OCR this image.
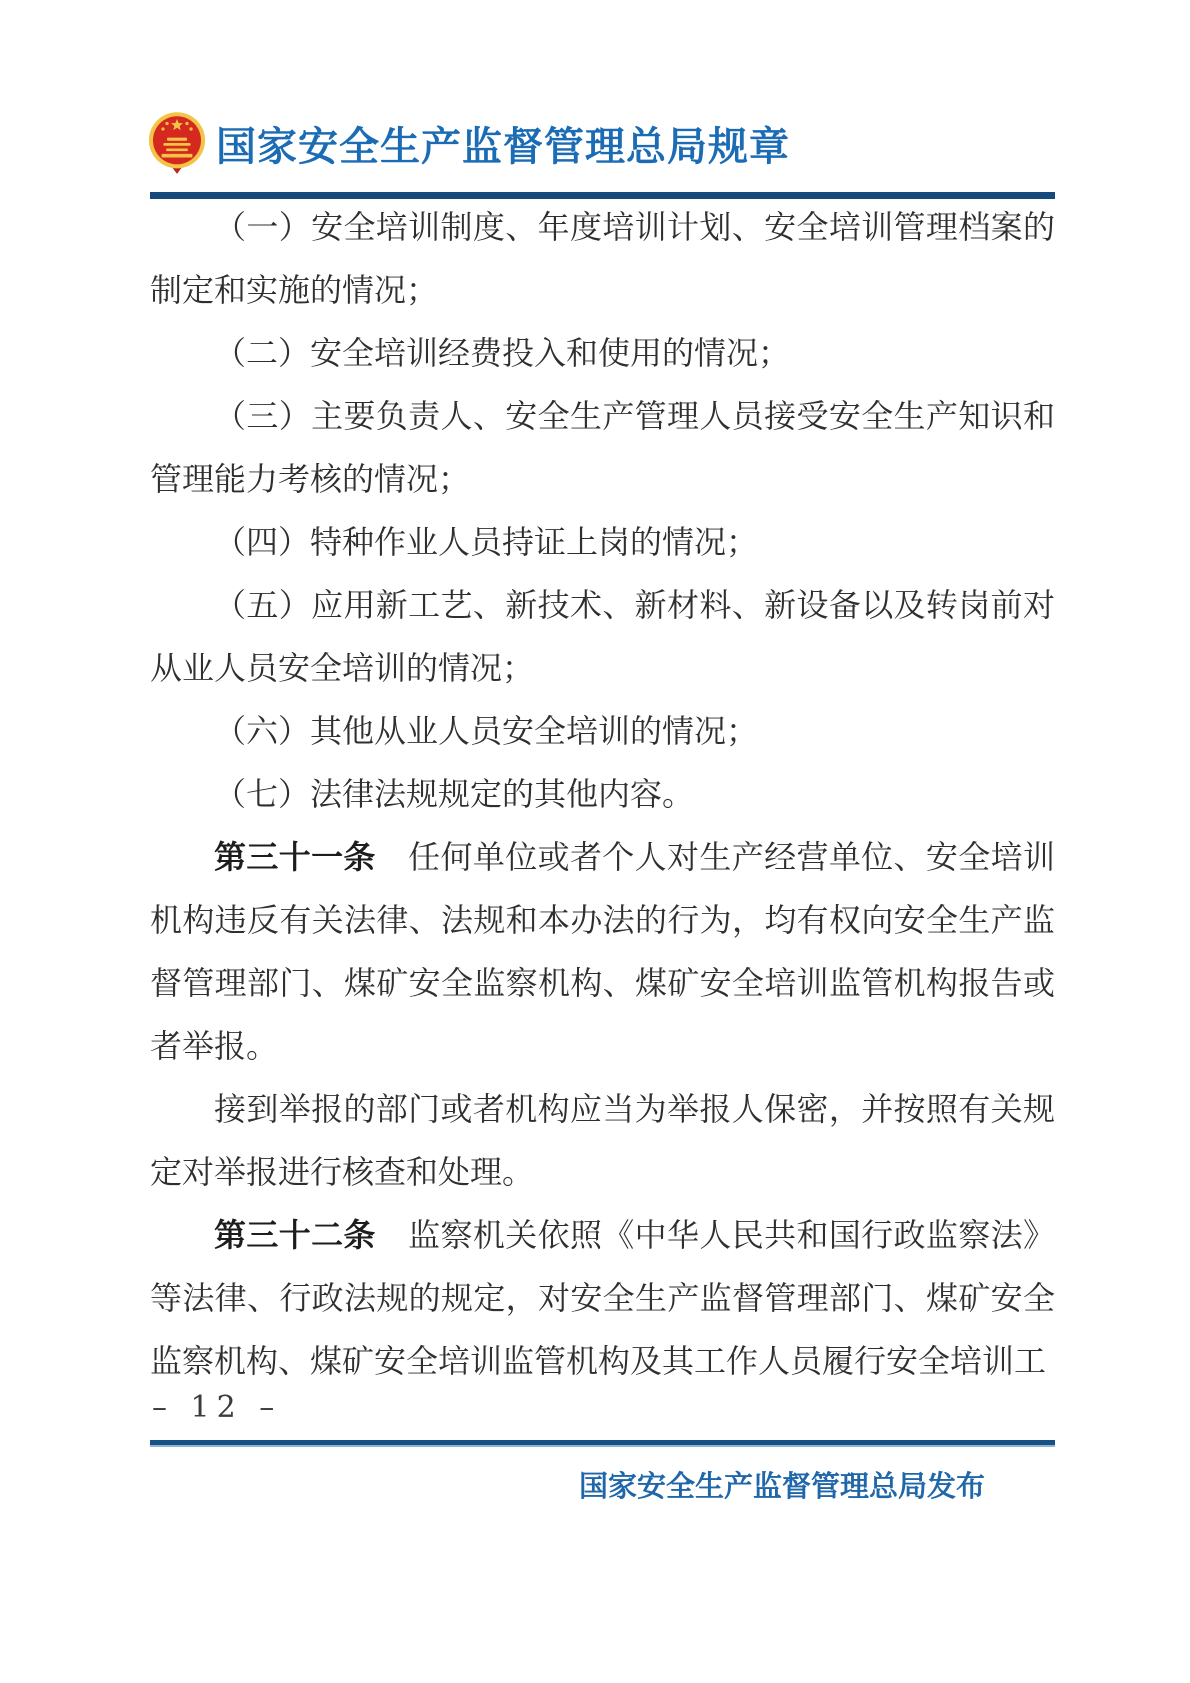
国家安全生产监督管理总局规章

（一）安全培训制度、年度培训计划、安全培训管理档案的制定和实施的情况；

（二）安全培训经费投入和使用的情况；

（三）主要负责人、安全生产管理人员接受安全生产知识和管理能力考核的情况；

（四）特种作业人员持证上岗的情况；

（五）应用新工艺、新技术、新材料、新设备以及转岗前对从业人员安全培训的情况；

（六）其他从业人员安全培训的情况；

（七）法律法规规定的其他内容。

第三十一条　任何单位或者个人对生产经营单位、安全培训机构违反有关法律、法规和本办法的行为，均有权向安全生产监督管理部门、煤矿安全监察机构、煤矿安全培训监管机构报告或者举报。

接到举报的部门或者机构应当为举报人保密，并按照有关规定对举报进行核查和处理。

第三十二条　监察机关依照《中华人民共和国行政监察法》等法律、行政法规的规定，对安全生产监督管理部门、煤矿安全监察机构、煤矿安全培训监管机构及其工作人员履行安全培训工

– 12 –
国家安全生产监督管理总局发布
